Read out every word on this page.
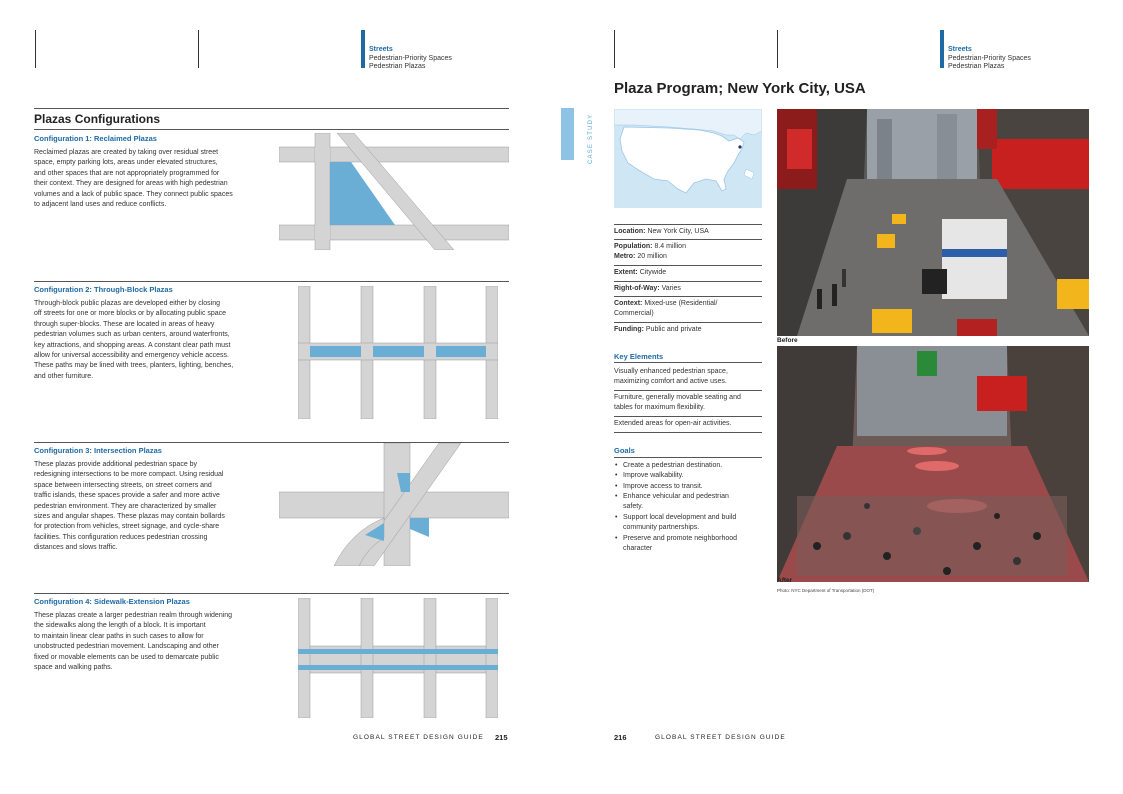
Streets
Pedestrian-Priority Spaces
Pedestrian Plazas
Streets
Pedestrian-Priority Spaces
Pedestrian Plazas
Plazas Configurations
Configuration 1: Reclaimed Plazas
Reclaimed plazas are created by taking over residual street
space, empty parking lots, areas under elevated structures,
and other spaces that are not appropriately programmed for
their context. They are designed for areas with high pedestrian
volumes and a lack of public space. They connect public spaces
to adjacent land uses and reduce conflicts.
Configuration 2: Through-Block Plazas
Through-block public plazas are developed either by closing
off streets for one or more blocks or by allocating public space
through super-blocks. These are located in areas of heavy
pedestrian volumes such as urban centers, around waterfronts,
key attractions, and shopping areas. A constant clear path must
allow for universal accessibility and emergency vehicle access.
These paths may be lined with trees, planters, lighting, benches,
and other furniture.
Configuration 3: Intersection Plazas
These plazas provide additional pedestrian space by
redesigning intersections to be more compact. Using residual
space between intersecting streets, on street corners and
traffic islands, these spaces provide a safer and more active
pedestrian environment. They are characterized by smaller
sizes and angular shapes. These plazas may contain bollards
for protection from vehicles, street signage, and cycle-share
facilities. This configuration reduces pedestrian crossing
distances and slows traffic.
Configuration 4: Sidewalk-Extension Plazas
These plazas create a larger pedestrian realm through widening
the sidewalks along the length of a block. It is important
to maintain linear clear paths in such cases to allow for
unobstructed pedestrian movement. Landscaping and other
fixed or movable elements can be used to demarcate public
space and walking paths.
GLOBAL STREET DESIGN GUIDE 215
CASE STUDY
Plaza Program; New York City, USA
Location: New York City, USA
Population: 8.4 million
Metro: 20 million
Extent: Citywide
Right-of-Way: Varies
Context: Mixed-use (Residential/
Commercial)
Funding: Public and private
Key Elements
Visually enhanced pedestrian space,
maximizing comfort and active uses.
Furniture, generally movable seating and
tables for maximum flexibility.
Extended areas for open-air activities.
Goals
• Create a pedestrian destination.
• Improve walkability.
• Improve access to transit.
• Enhance vehicular and pedestrian
safety.
• Support local development and build
community partnerships.
• Preserve and promote neighborhood
character
Before
After
Photo: NYC Department of Transportation (DOT)
216	GLOBAL STREET DESIGN GUIDE
